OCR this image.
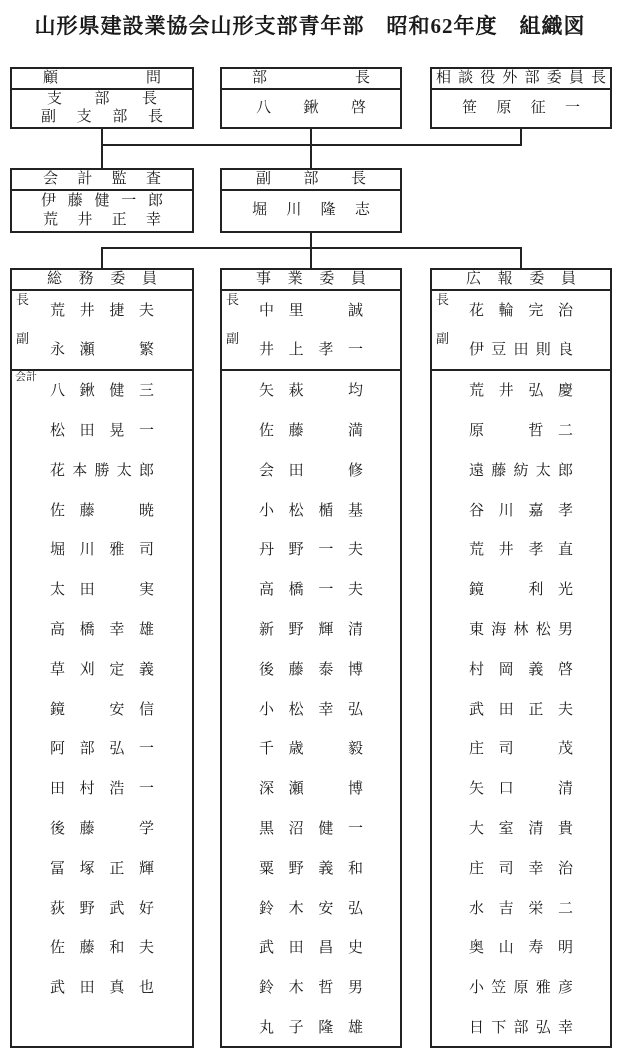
山形県建設業協会山形支部青年部　昭和62年度　組織図
顧問
支部長
副支部長
部長
八鍬啓
相談役外部委員長
笹原征一
会計監査
伊藤健一郎
荒井正幸
副部長
堀川隆志
総務委員
長
荒井捷夫
副
永瀬　繁
事業委員
長
中里　誠
副
井上孝一
広報委員
長
花輪完治
副
伊豆田則良
会計
八鍬健三
松田晃一
花本勝太郎
佐藤　暁
堀川雅司
太田　実
高橋幸雄
草刈定義
鏡　安信
阿部弘一
田村浩一
後藤　学
冨塚正輝
荻野武好
佐藤和夫
武田真也
矢萩　均
佐藤　満
会田　修
小松楯基
丹野一夫
高橋一夫
新野輝清
後藤泰博
小松幸弘
千歳　毅
深瀬　博
黒沼健一
粟野義和
鈴木安弘
武田昌史
鈴木哲男
丸子隆雄
荒井弘慶
原　哲二
遠藤紡太郎
谷川嘉孝
荒井孝直
鏡　利光
東海林松男
村岡義啓
武田正夫
庄司　茂
矢口　清
大室清貴
庄司幸治
水吉栄二
奥山寿明
小笠原雅彦
日下部弘幸
